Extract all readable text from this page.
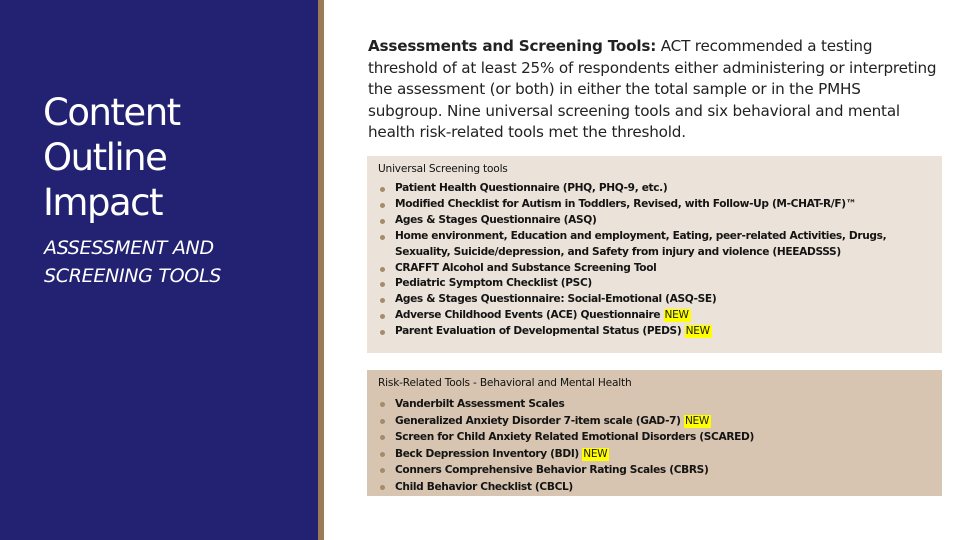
Content
Outline
Impact
ASSESSMENT AND
SCREENING TOOLS
Assessments and Screening Tools: ACT recommended a testing threshold of at least 25% of respondents either administering or interpreting the assessment (or both) in either the total sample or in the PMHS subgroup. Nine universal screening tools and six behavioral and mental health risk-related tools met the threshold.
Universal Screening tools
Patient Health Questionnaire (PHQ, PHQ-9, etc.)
Modified Checklist for Autism in Toddlers, Revised, with Follow-Up (M-CHAT-R/F)™
Ages & Stages Questionnaire (ASQ)
Home environment, Education and employment, Eating, peer-related Activities, Drugs, Sexuality, Suicide/depression, and Safety from injury and violence (HEEADSSS)
CRAFFT Alcohol and Substance Screening Tool
Pediatric Symptom Checklist (PSC)
Ages & Stages Questionnaire: Social-Emotional (ASQ-SE)
Adverse Childhood Events (ACE) Questionnaire NEW
Parent Evaluation of Developmental Status (PEDS) NEW
Risk-Related Tools - Behavioral and Mental Health
Vanderbilt Assessment Scales
Generalized Anxiety Disorder 7-item scale (GAD-7) NEW
Screen for Child Anxiety Related Emotional Disorders (SCARED)
Beck Depression Inventory (BDI) NEW
Conners Comprehensive Behavior Rating Scales (CBRS)
Child Behavior Checklist (CBCL)
